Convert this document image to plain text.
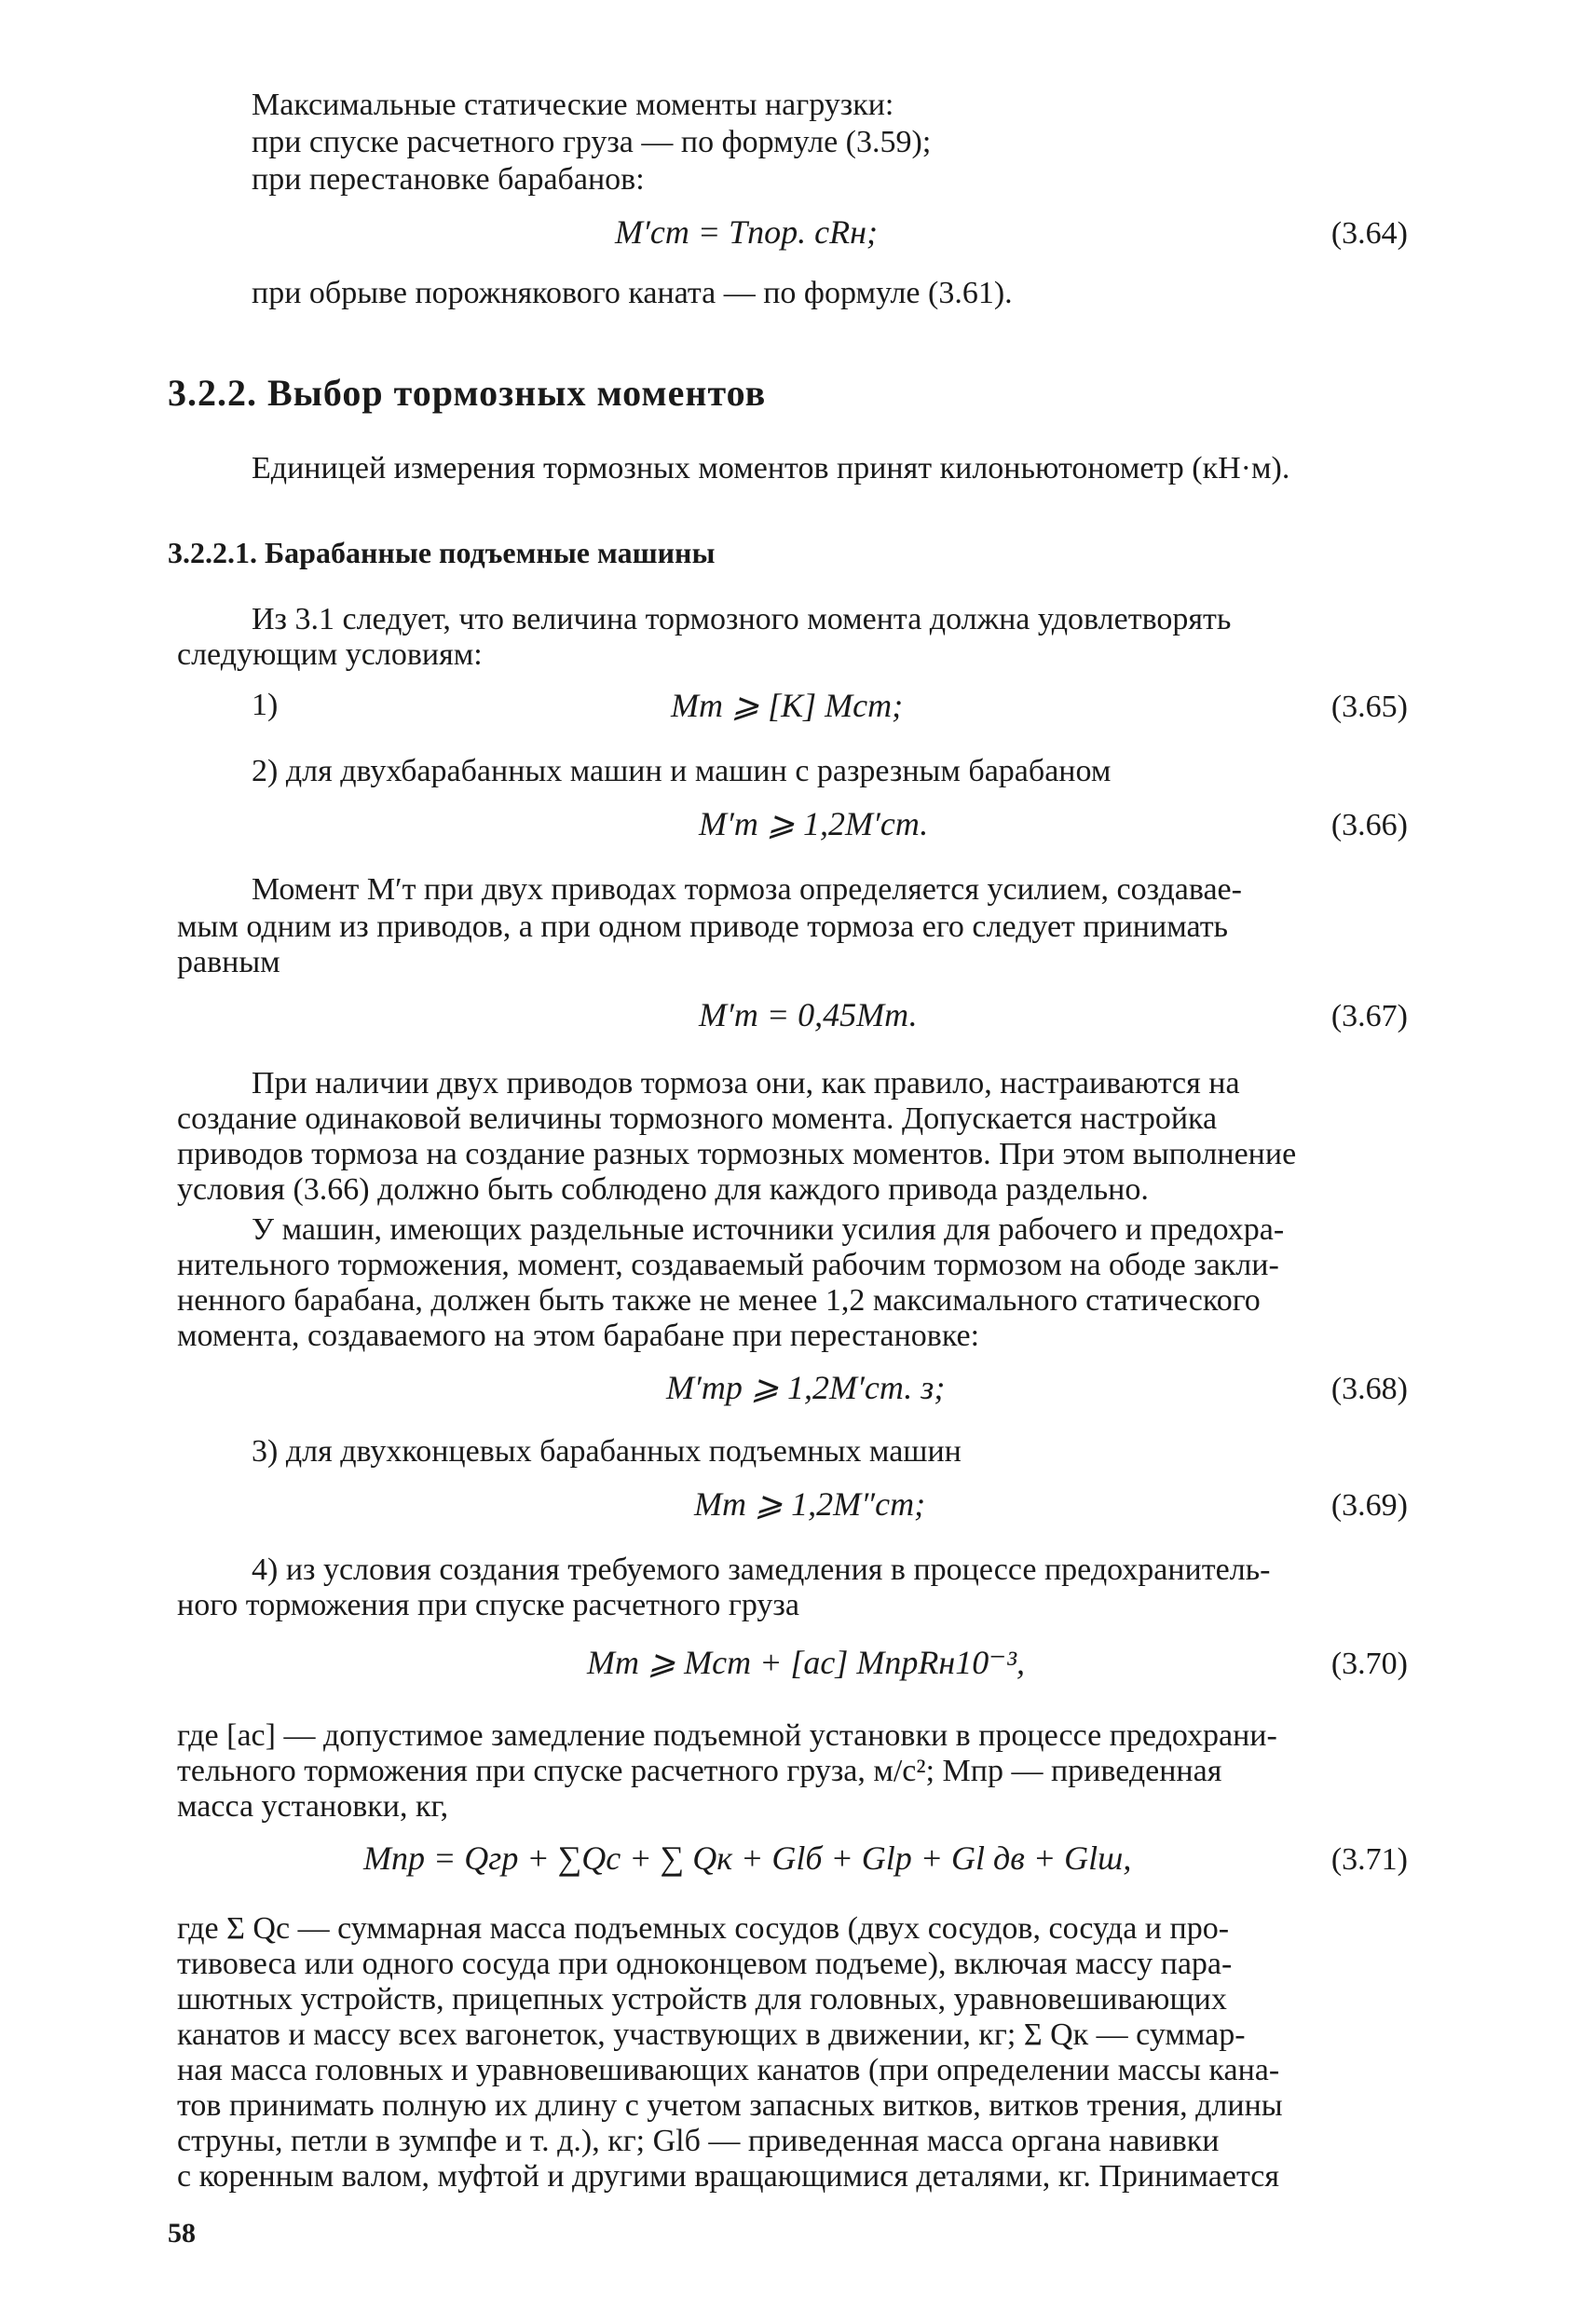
Максимальные статические моменты нагрузки:
при спуске расчетного груза — по формуле (3.59);
при перестановке барабанов:
M′ст = Tпор. cRн;	(3.64)
при обрыве порожнякового каната — по формуле (3.61).
3.2.2. Выбор тормозных моментов
Единицей измерения тормозных моментов принят килоньютонометр (кН·м).
3.2.2.1. Барабанные подъемные машины
Из 3.1 следует, что величина тормозного момента должна удовлетворять
следующим условиям:
1)	Mт ⩾ [K] Mст;	(3.65)
2) для двухбарабанных машин и машин с разрезным барабаном
M′т ⩾ 1,2M′ст.	(3.66)
Момент M′т при двух приводах тормоза определяется усилием, создавае-
мым одним из приводов, а при одном приводе тормоза его следует принимать
равным
M′т = 0,45Mт.	(3.67)
При наличии двух приводов тормоза они, как правило, настраиваются на
создание одинаковой величины тормозного момента. Допускается настройка
приводов тормоза на создание разных тормозных моментов. При этом выполнение
условия (3.66) должно быть соблюдено для каждого привода раздельно.
У машин, имеющих раздельные источники усилия для рабочего и предохра-
нительного торможения, момент, создаваемый рабочим тормозом на ободе закли-
ненного барабана, должен быть также не менее 1,2 максимального статического
момента, создаваемого на этом барабане при перестановке:
M′тр ⩾ 1,2M′ст. з;	(3.68)
3) для двухконцевых барабанных подъемных машин
Mт ⩾ 1,2M″ст;	(3.69)
4) из условия создания требуемого замедления в процессе предохранитель-
ного торможения при спуске расчетного груза
Mт ⩾ Mст + [aс] MпрRн10⁻³,	(3.70)
где [aс] — допустимое замедление подъемной установки в процессе предохрани-
тельного торможения при спуске расчетного груза, м/с²; Mпр — приведенная
масса установки, кг,
Mпр = Qгр + ∑Qс + ∑ Qк + Glб + Glр + Gl дв + Glш,	(3.71)
где Σ Qс — суммарная масса подъемных сосудов (двух сосудов, сосуда и про-
тивовеса или одного сосуда при одноконцевом подъеме), включая массу пара-
шютных устройств, прицепных устройств для головных, уравновешивающих
канатов и массу всех вагонеток, участвующих в движении, кг; Σ Qк — суммар-
ная масса головных и уравновешивающих канатов (при определении массы кана-
тов принимать полную их длину с учетом запасных витков, витков трения, длины
струны, петли в зумпфе и т. д.), кг; Glб — приведенная масса органа навивки
с коренным валом, муфтой и другими вращающимися деталями, кг. Принимается
58
